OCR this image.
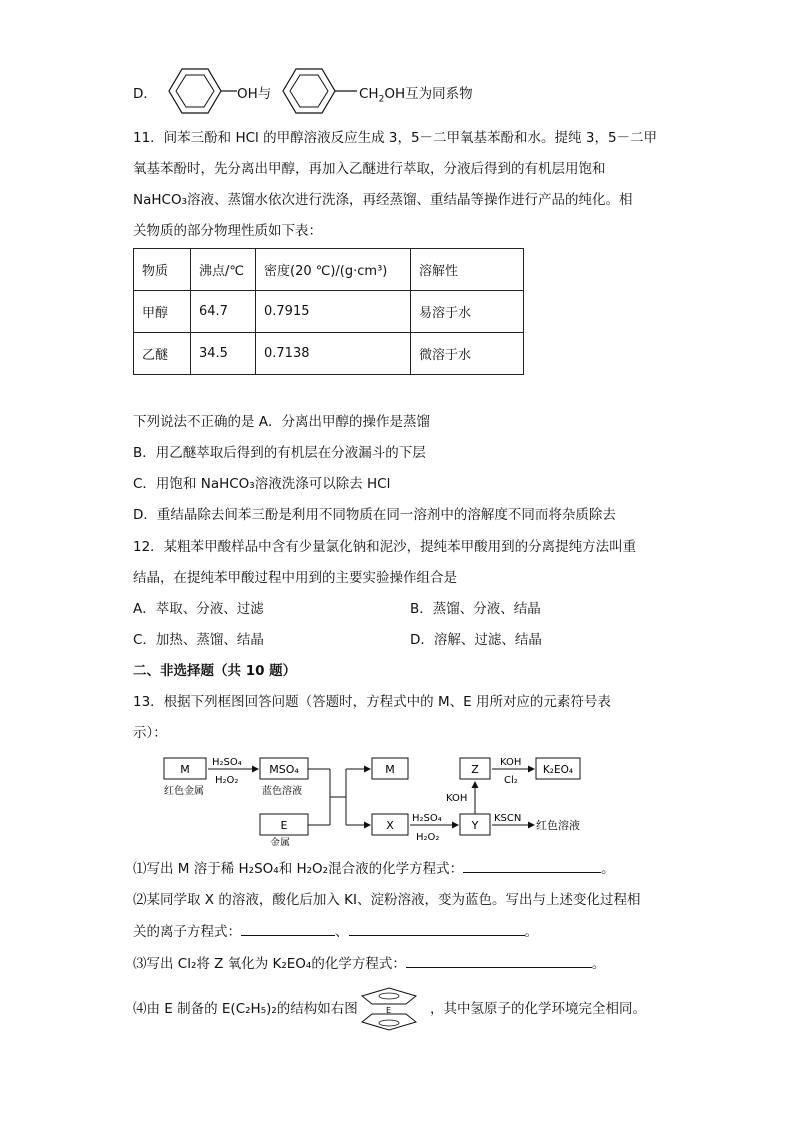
D．	OH与	$CH_2OH$互为同系物
11．间苯三酚和 HCl 的甲醇溶液反应生成 3，5－二甲氧基苯酚和水。提纯 3，5－二甲
氧基苯酚时，先分离出甲醇，再加入乙醚进行萃取，分液后得到的有机层用饱和
NaHCO₃溶液、蒸馏水依次进行洗涤，再经蒸馏、重结晶等操作进行产品的纯化。相
关物质的部分物理性质如下表：
物质	沸点/℃	密度(20 ℃)/(g·cm³)	溶解性
甲醇	64.7	0.7915	易溶于水
乙醚	34.5	0.7138	微溶于水
下列说法不正确的是 A．分离出甲醇的操作是蒸馏
B．用乙醚萃取后得到的有机层在分液漏斗的下层
C．用饱和 NaHCO₃溶液洗涤可以除去 HCl
D．重结晶除去间苯三酚是利用不同物质在同一溶剂中的溶解度不同而将杂质除去
12．某粗苯甲酸样品中含有少量氯化钠和泥沙，提纯苯甲酸用到的分离提纯方法叫重
结晶，在提纯苯甲酸过程中用到的主要实验操作组合是
A．萃取、分液、过滤	B．蒸馏、分液、结晶
C．加热、蒸馏、结晶	D．溶解、过滤、结晶
二、非选择题（共 10 题）
13．根据下列框图回答问题（答题时，方程式中的 M、E 用所对应的元素符号表
示）：
M
红色金属
H₂SO₄
H₂O₂
MSO₄
蓝色溶液
E
金属
M
X
H₂SO₄
H₂O₂
Y
KSCN
红色溶液
KOH
Z
KOH
Cl₂
K₂EO₄
⑴写出 M 溶于稀 H₂SO₄和 H₂O₂混合液的化学方程式：	。
⑵某同学取 X 的溶液，酸化后加入 KI、淀粉溶液，变为蓝色。写出与上述变化过程相
关的离子方程式：	、	。
⑶写出 Cl₂将 Z 氧化为 K₂EO₄的化学方程式：	。
⑷由 E 制备的 E(C₂H₅)₂的结构如右图	E	，其中氢原子的化学环境完全相同。
